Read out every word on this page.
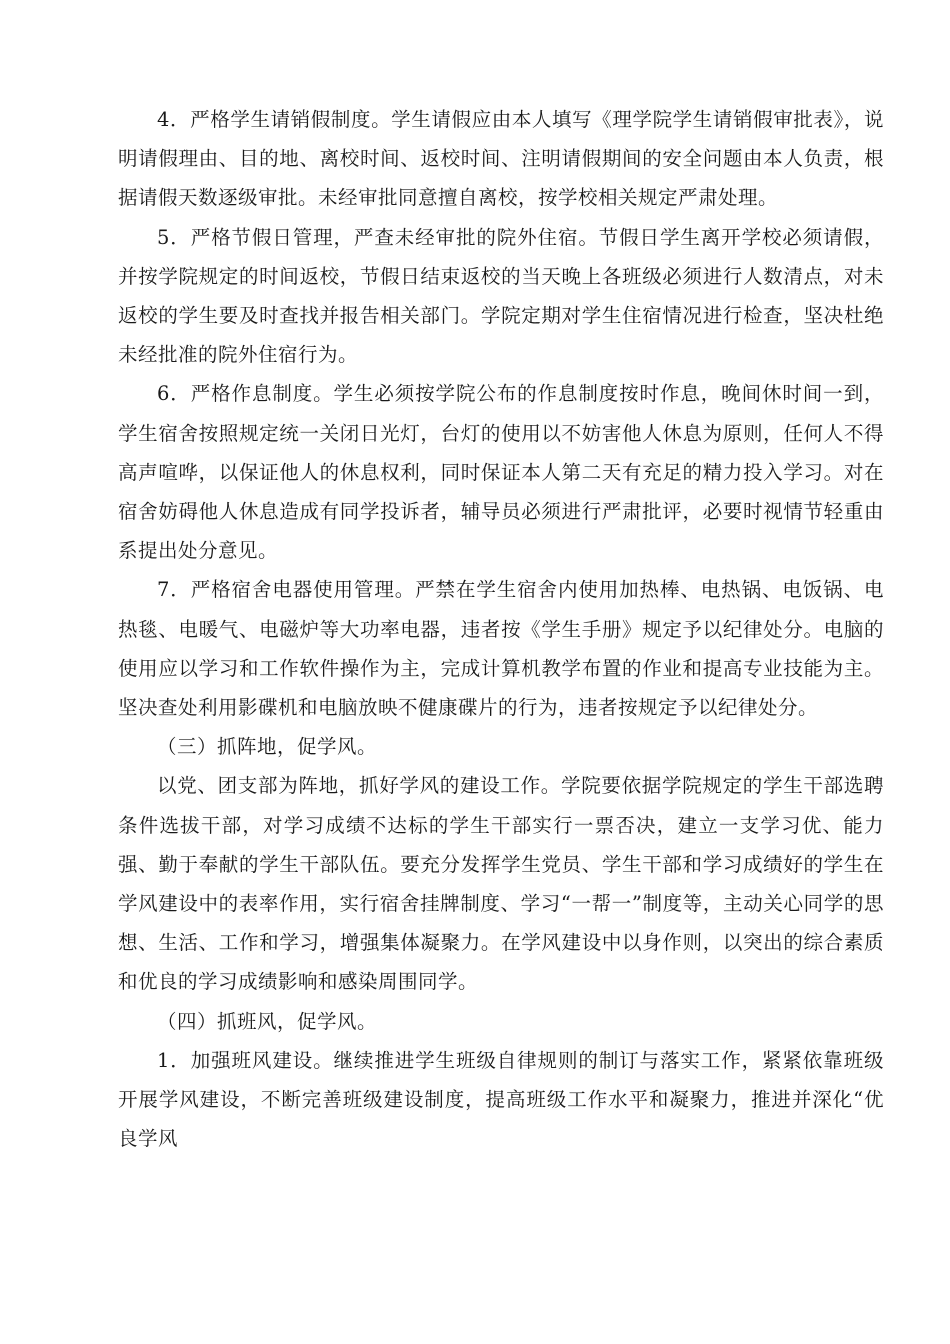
4．严格学生请销假制度。学生请假应由本人填写《理学院学生请销假审批表》，说明请假理由、目的地、离校时间、返校时间、注明请假期间的安全问题由本人负责，根据请假天数逐级审批。未经审批同意擅自离校，按学校相关规定严肃处理。

5．严格节假日管理，严查未经审批的院外住宿。节假日学生离开学校必须请假，并按学院规定的时间返校，节假日结束返校的当天晚上各班级必须进行人数清点，对未返校的学生要及时查找并报告相关部门。学院定期对学生住宿情况进行检查，坚决杜绝未经批准的院外住宿行为。

6．严格作息制度。学生必须按学院公布的作息制度按时作息，晚间休时间一到，学生宿舍按照规定统一关闭日光灯，台灯的使用以不妨害他人休息为原则，任何人不得高声喧哗，以保证他人的休息权利，同时保证本人第二天有充足的精力投入学习。对在宿舍妨碍他人休息造成有同学投诉者，辅导员必须进行严肃批评，必要时视情节轻重由系提出处分意见。

7．严格宿舍电器使用管理。严禁在学生宿舍内使用加热棒、电热锅、电饭锅、电热毯、电暖气、电磁炉等大功率电器，违者按《学生手册》规定予以纪律处分。电脑的使用应以学习和工作软件操作为主，完成计算机教学布置的作业和提高专业技能为主。坚决查处利用影碟机和电脑放映不健康碟片的行为，违者按规定予以纪律处分。

（三）抓阵地，促学风。

以党、团支部为阵地，抓好学风的建设工作。学院要依据学院规定的学生干部选聘条件选拔干部，对学习成绩不达标的学生干部实行一票否决，建立一支学习优、能力强、勤于奉献的学生干部队伍。要充分发挥学生党员、学生干部和学习成绩好的学生在学风建设中的表率作用，实行宿舍挂牌制度、学习“一帮一”制度等，主动关心同学的思想、生活、工作和学习，增强集体凝聚力。在学风建设中以身作则，以突出的综合素质和优良的学习成绩影响和感染周围同学。

（四）抓班风，促学风。

1．加强班风建设。继续推进学生班级自律规则的制订与落实工作，紧紧依靠班级开展学风建设，不断完善班级建设制度，提高班级工作水平和凝聚力，推进并深化“优良学风
